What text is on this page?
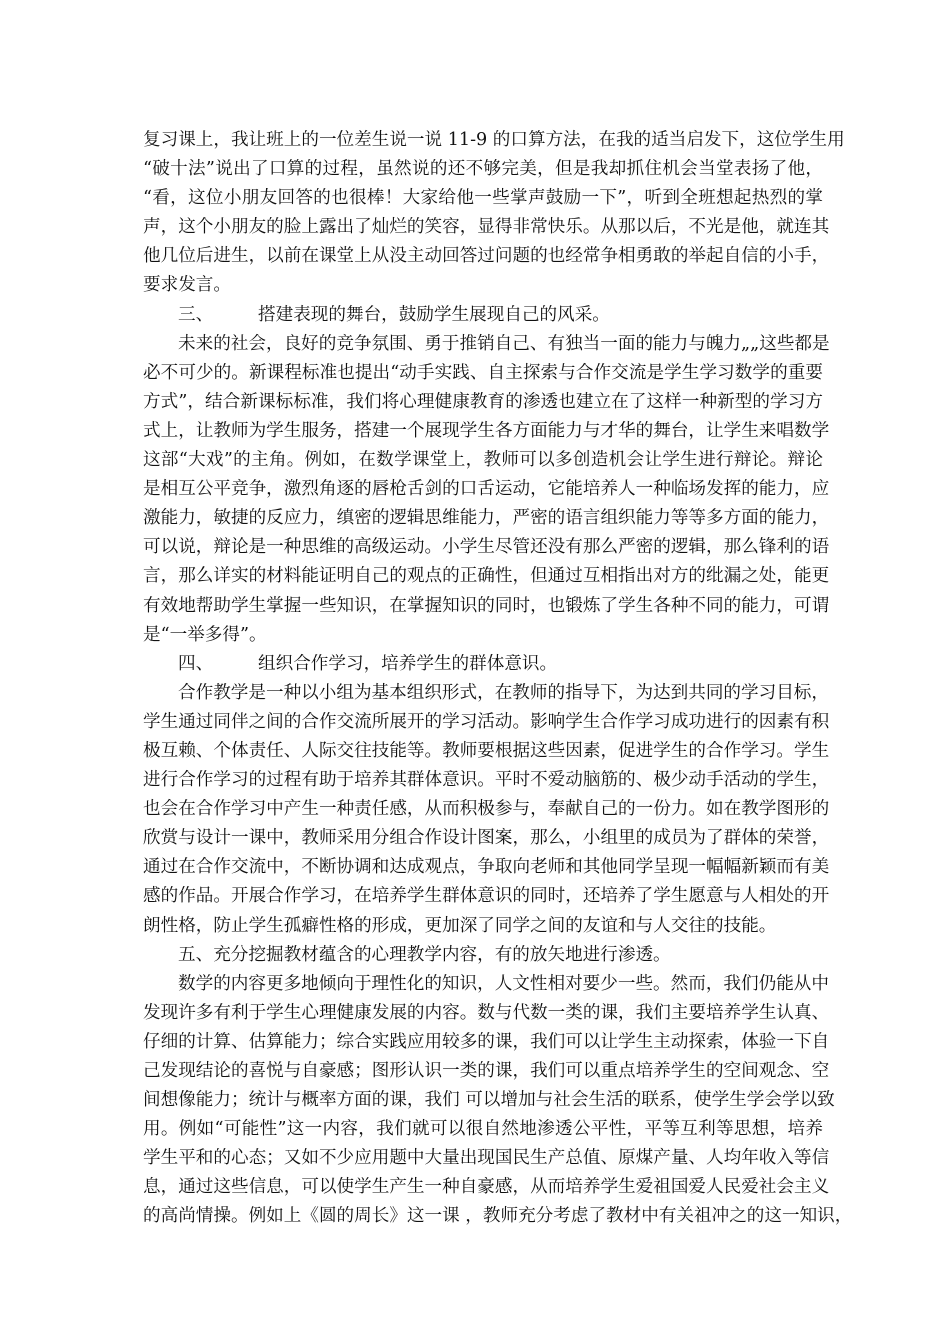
复习课上，我让班上的一位差生说一说 11-9 的口算方法，在我的适当启发下，这位学生用
“破十法”说出了口算的过程，虽然说的还不够完美，但是我却抓住机会当堂表扬了他，
“看，这位小朋友回答的也很棒！大家给他一些掌声鼓励一下”，听到全班想起热烈的掌
声，这个小朋友的脸上露出了灿烂的笑容，显得非常快乐。从那以后，不光是他，就连其
他几位后进生，以前在课堂上从没主动回答过问题的也经常争相勇敢的举起自信的小手，
要求发言。
三、	搭建表现的舞台，鼓励学生展现自己的风采。
未来的社会，良好的竞争氛围、勇于推销自己、有独当一面的能力与魄力„„这些都是
必不可少的。新课程标准也提出“动手实践、自主探索与合作交流是学生学习数学的重要
方式”，结合新课标标准，我们将心理健康教育的渗透也建立在了这样一种新型的学习方
式上，让教师为学生服务，搭建一个展现学生各方面能力与才华的舞台，让学生来唱数学
这部“大戏”的主角。例如，在数学课堂上，教师可以多创造机会让学生进行辩论。辩论
是相互公平竞争，激烈角逐的唇枪舌剑的口舌运动，它能培养人一种临场发挥的能力，应
激能力，敏捷的反应力，缜密的逻辑思维能力，严密的语言组织能力等等多方面的能力，
可以说，辩论是一种思维的高级运动。小学生尽管还没有那么严密的逻辑，那么锋利的语
言，那么详实的材料能证明自己的观点的正确性，但通过互相指出对方的纰漏之处，能更
有效地帮助学生掌握一些知识，在掌握知识的同时，也锻炼了学生各种不同的能力，可谓
是“一举多得”。
四、	组织合作学习，培养学生的群体意识。
合作教学是一种以小组为基本组织形式，在教师的指导下，为达到共同的学习目标，
学生通过同伴之间的合作交流所展开的学习活动。影响学生合作学习成功进行的因素有积
极互赖、个体责任、人际交往技能等。教师要根据这些因素，促进学生的合作学习。学生
进行合作学习的过程有助于培养其群体意识。平时不爱动脑筋的、极少动手活动的学生，
也会在合作学习中产生一种责任感，从而积极参与，奉献自己的一份力。如在教学图形的
欣赏与设计一课中，教师采用分组合作设计图案，那么，小组里的成员为了群体的荣誉，
通过在合作交流中，不断协调和达成观点，争取向老师和其他同学呈现一幅幅新颖而有美
感的作品。开展合作学习，在培养学生群体意识的同时，还培养了学生愿意与人相处的开
朗性格，防止学生孤癖性格的形成，更加深了同学之间的友谊和与人交往的技能。
五、充分挖掘教材蕴含的心理教学内容，有的放矢地进行渗透。
数学的内容更多地倾向于理性化的知识，人文性相对要少一些。然而，我们仍能从中
发现许多有利于学生心理健康发展的内容。数与代数一类的课，我们主要培养学生认真、
仔细的计算、估算能力；综合实践应用较多的课，我们可以让学生主动探索，体验一下自
己发现结论的喜悦与自豪感；图形认识一类的课，我们可以重点培养学生的空间观念、空
间想像能力；统计与概率方面的课，我们 可以增加与社会生活的联系，使学生学会学以致
用。例如“可能性”这一内容，我们就可以很自然地渗透公平性，平等互利等思想，培养
学生平和的心态；又如不少应用题中大量出现国民生产总值、原煤产量、人均年收入等信
息，通过这些信息，可以使学生产生一种自豪感，从而培养学生爱祖国爱人民爱社会主义
的高尚情操。例如上《圆的周长》这一课 ，教师充分考虑了教材中有关祖冲之的这一知识，
